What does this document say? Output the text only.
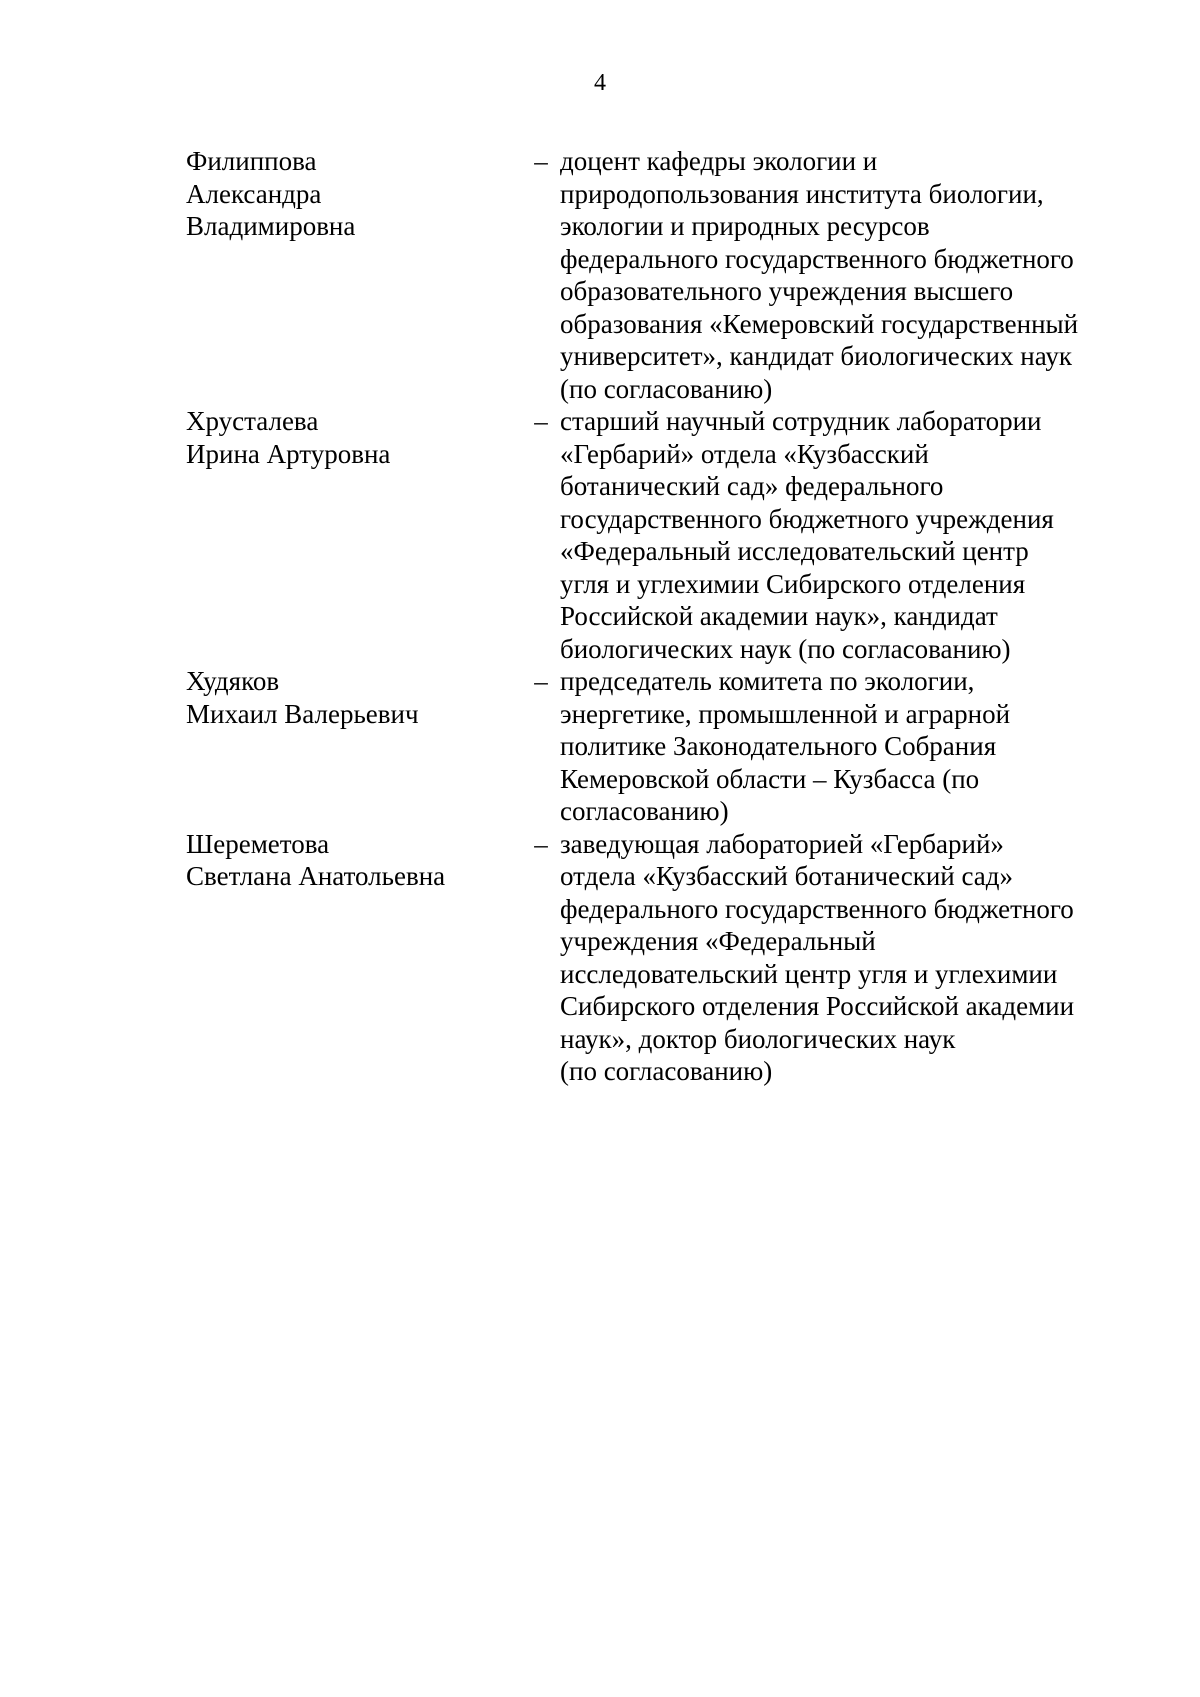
4
Филиппова
Александра
Владимировна
– доцент кафедры экологии и
природопользования института биологии,
экологии и природных ресурсов
федерального государственного бюджетного
образовательного учреждения высшего
образования «Кемеровский государственный
университет», кандидат биологических наук
(по согласованию)
Хрусталева
Ирина Артуровна
– старший научный сотрудник лаборатории
«Гербарий» отдела «Кузбасский
ботанический сад» федерального
государственного бюджетного учреждения
«Федеральный исследовательский центр
угля и углехимии Сибирского отделения
Российской академии наук», кандидат
биологических наук (по согласованию)
Худяков
Михаил Валерьевич
– председатель комитета по экологии,
энергетике, промышленной и аграрной
политике Законодательного Собрания
Кемеровской области – Кузбасса (по
согласованию)
Шереметова
Светлана Анатольевна
– заведующая лабораторией «Гербарий»
отдела «Кузбасский ботанический сад»
федерального государственного бюджетного
учреждения «Федеральный
исследовательский центр угля и углехимии
Сибирского отделения Российской академии
наук», доктор биологических наук
(по согласованию)
